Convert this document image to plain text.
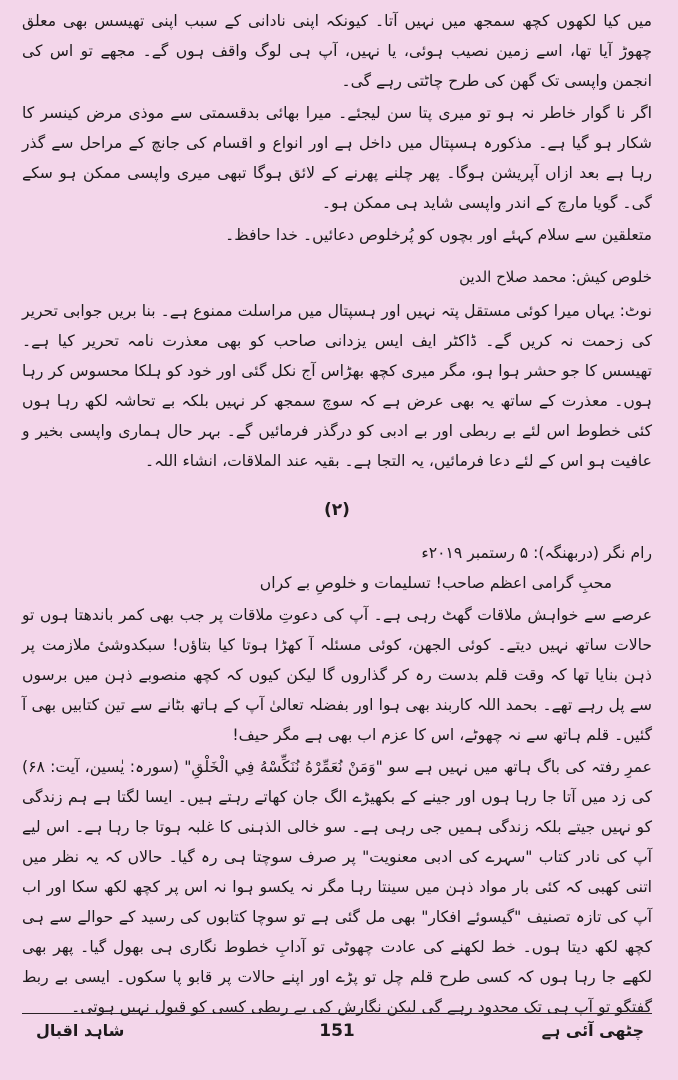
میں کیا لکھوں کچھ سمجھ میں نہیں آتا۔ کیونکہ اپنی نادانی کے سبب اپنی تھیسس بھی معلق چھوڑ آیا تھا، اسے زمین نصیب ہوئی، یا نہیں، آپ ہی لوگ واقف ہوں گے۔ مجھے تو اس کی انجمن واپسی تک گھن کی طرح چاٹتی رہے گی۔

اگر نا گوار خاطر نہ ہو تو میری پتا سن لیجئے۔ میرا بھائی بدقسمتی سے موذی مرض کینسر کا شکار ہو گیا ہے۔ مذکورہ ہسپتال میں داخل ہے اور انواع و اقسام کی جانچ کے مراحل سے گذر رہا ہے بعد ازاں آپریشن ہوگا۔ پھر چلنے پھرنے کے لائق ہوگا تبھی میری واپسی ممکن ہو سکے گی۔ گویا مارچ کے اندر واپسی شاید ہی ممکن ہو۔

متعلقین سے سلام کہئے اور بچوں کو پُرخلوص دعائیں۔ خدا حافظ۔

خلوص کیش: محمد صلاح الدین

نوٹ: یہاں میرا کوئی مستقل پتہ نہیں اور ہسپتال میں مراسلت ممنوع ہے۔ بنا بریں جوابی تحریر کی زحمت نہ کریں گے۔ ڈاکٹر ایف ایس یزدانی صاحب کو بھی معذرت نامہ تحریر کیا ہے۔ تھیسس کا جو حشر ہوا ہو، مگر میری کچھ بھڑاس آج نکل گئی اور خود کو ہلکا محسوس کر رہا ہوں۔ معذرت کے ساتھ یہ بھی عرض ہے کہ سوچ سمجھ کر نہیں بلکہ بے تحاشہ لکھ رہا ہوں کئی خطوط اس لئے بے ربطی اور بے ادبی کو درگذر فرمائیں گے۔ بہر حال ہماری واپسی بخیر و عافیت ہو اس کے لئے دعا فرمائیں، یہ التجا ہے۔ بقیہ عند الملاقات، انشاء اللہ۔

(۲)

رام نگر (دربھنگہ): ۵ رستمبر ۲۰۱۹ء

محبِ گرامی اعظم صاحب! تسلیمات و خلوصِ بے کراں

عرصے سے خواہش ملاقات گھٹ رہی ہے۔ آپ کی دعوتِ ملاقات پر جب بھی کمر باندھتا ہوں تو حالات ساتھ نہیں دیتے۔ کوئی الجھن، کوئی مسئلہ آ کھڑا ہوتا کیا بتاؤں! سبکدوشیٔ ملازمت پر ذہن بنایا تھا کہ وقت قلم بدست رہ کر گذاروں گا لیکن کیوں کہ کچھ منصوبے ذہن میں برسوں سے پل رہے تھے۔ بحمد اللہ کاربند بھی ہوا اور بفضلہ تعالیٰ آپ کے ہاتھ بٹانے سے تین کتابیں بھی آ گئیں۔ قلم ہاتھ سے نہ چھوٹے، اس کا عزم اب بھی ہے مگر حیف!

عمرِ رفتہ کی باگ ہاتھ میں نہیں ہے سو "وَمَنْ نُعَمِّرْهُ نُنَكِّسْهُ فِي الْخَلْقِ" (سورہ: یٰسین، آیت: ۶۸) کی زد میں آتا جا رہا ہوں اور جینے کے بکھیڑے الگ جان کھاتے رہتے ہیں۔ ایسا لگتا ہے ہم زندگی کو نہیں جیتے بلکہ زندگی ہمیں جی رہی ہے۔ سو خالی الذہنی کا غلبہ ہوتا جا رہا ہے۔ اس لیے آپ کی نادر کتاب "سہرے کی ادبی معنویت" پر صرف سوچتا ہی رہ گیا۔ حالاں کہ یہ نظر میں اتنی کھبی کہ کئی بار مواد ذہن میں سینتا رہا مگر نہ یکسو ہوا نہ اس پر کچھ لکھ سکا اور اب آپ کی تازہ تصنیف "گیسوئے افکار" بھی مل گئی ہے تو سوچا کتابوں کی رسید کے حوالے سے ہی کچھ لکھ دیتا ہوں۔ خط لکھنے کی عادت چھوٹی تو آدابِ خطوط نگاری ہی بھول گیا۔ پھر بھی لکھے جا رہا ہوں کہ کسی طرح قلم چل تو پڑے اور اپنے حالات پر قابو پا سکوں۔ ایسی بے ربط گفتگو تو آپ ہی تک محدود رہے گی لیکن نگارش کی بے ربطی کسی کو قبول نہیں ہوتی۔

شاہد اقبال	151	چٹھی آئی ہے
